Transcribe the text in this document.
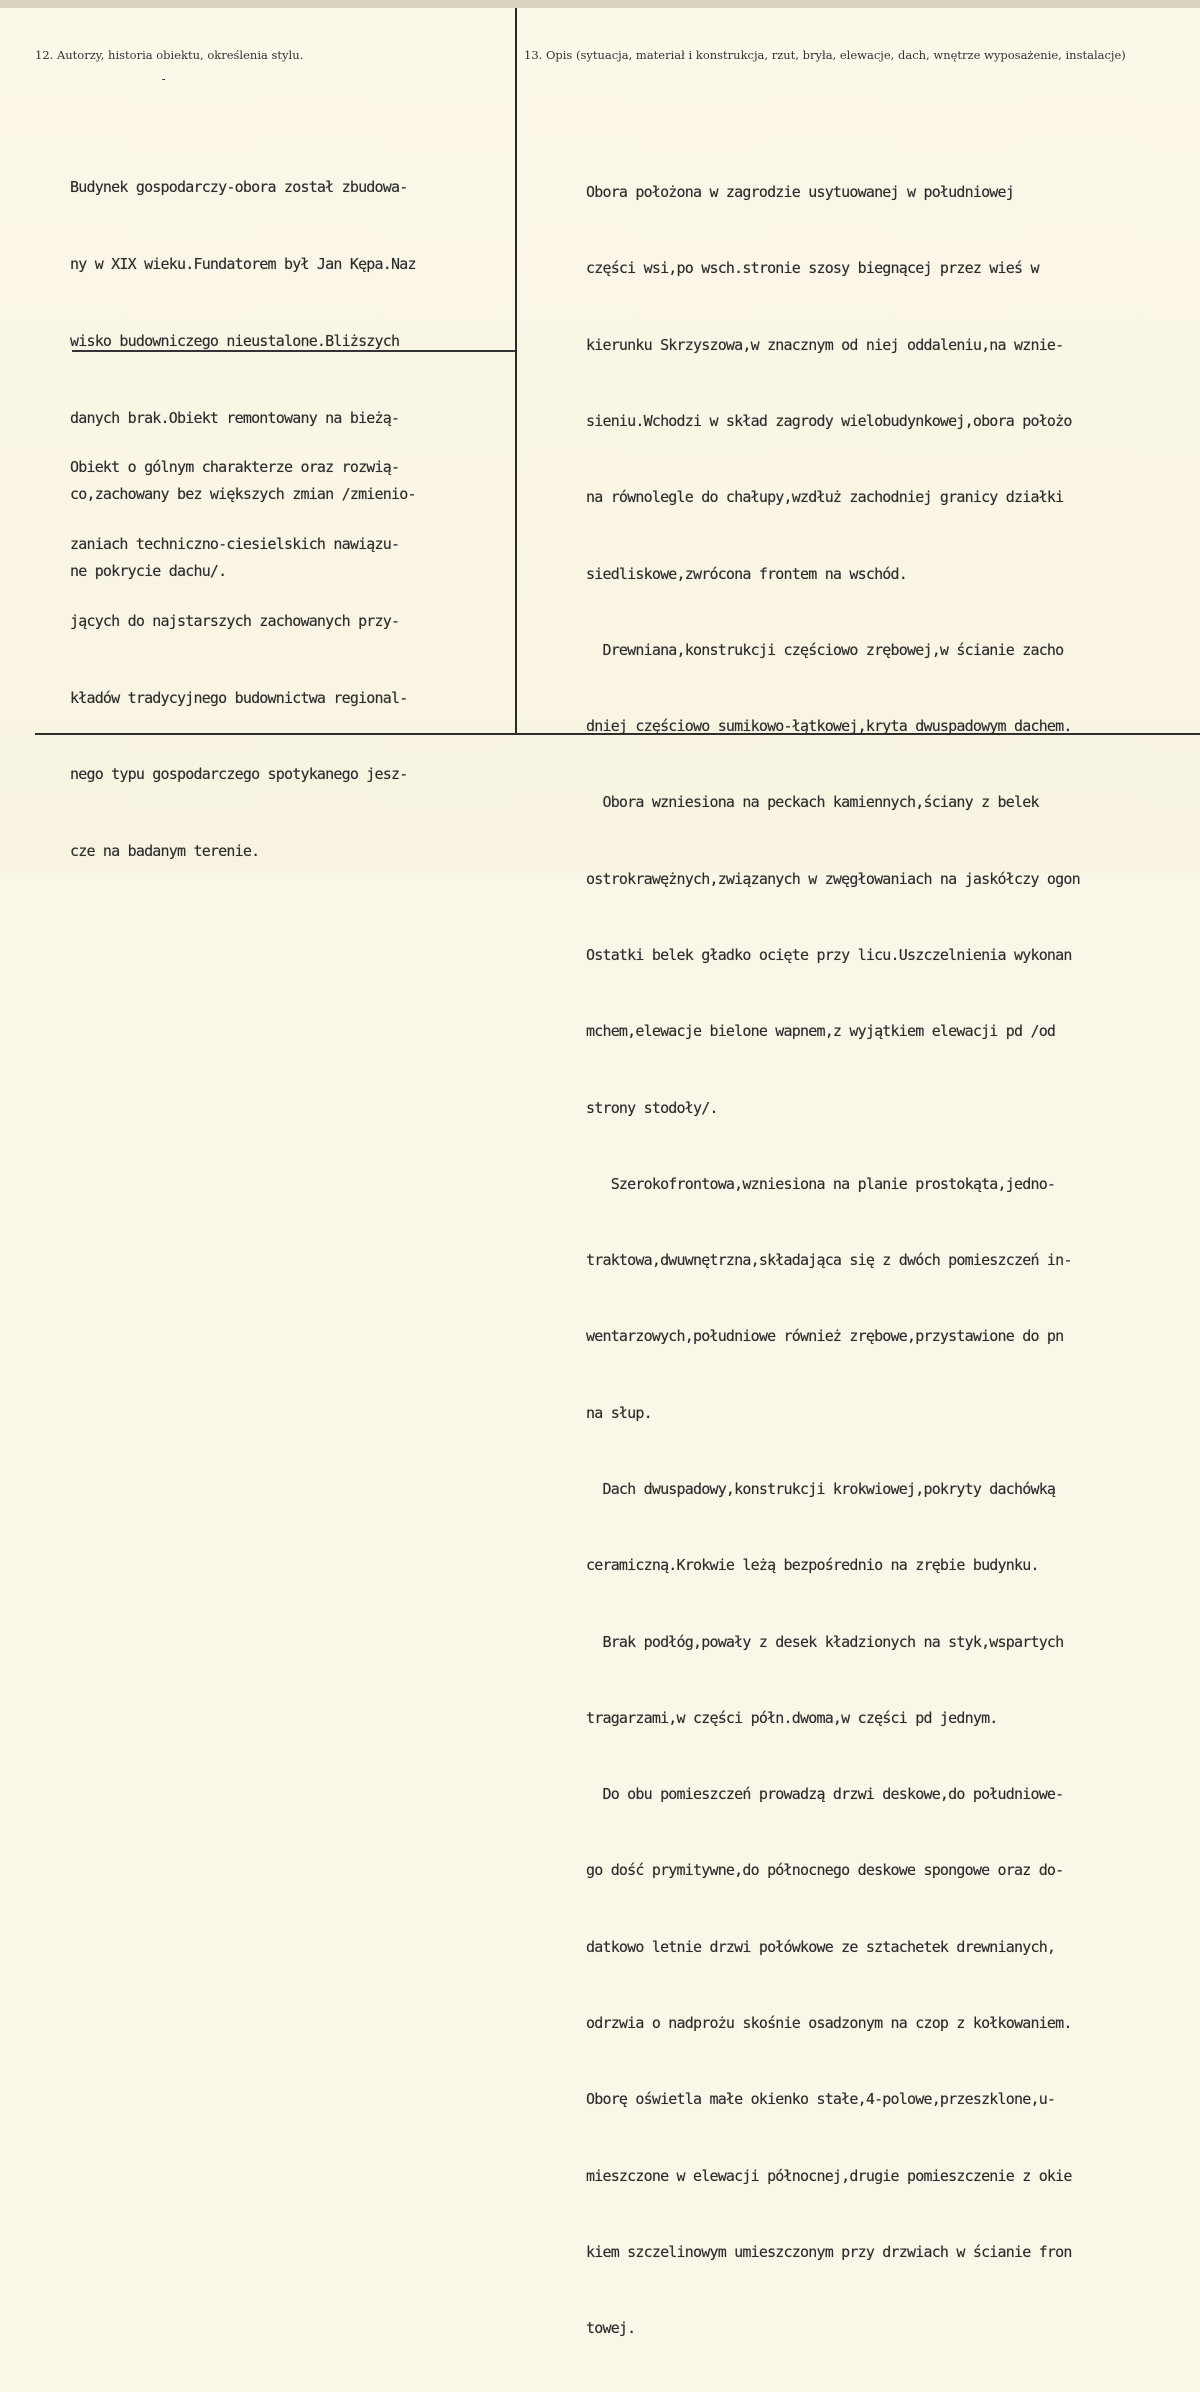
12. Autorzy, historia obiektu, określenia stylu.	13. Opis (sytuacja, materiał i konstrukcja, rzut, bryła, elewacje, dach, wnętrze wyposażenie, instalacje)
-

Budynek gospodarczy-obora został zbudowa-

ny w XIX wieku.Fundatorem był Jan Kępa.Naz

wisko budowniczego nieustalone.Bliższych

danych brak.Obiekt remontowany na bieżą-

co,zachowany bez większych zmian /zmienio-

ne pokrycie dachu/.

Obiekt o gólnym charakterze oraz rozwią-

zaniach techniczno-ciesielskich nawiązu-

jących do najstarszych zachowanych przy-

kładów tradycyjnego budownictwa regional-

nego typu gospodarczego spotykanego jesz-

cze na badanym terenie.

Obora położona w zagrodzie usytuowanej w południowej

części wsi,po wsch.stronie szosy biegnącej przez wieś w

kierunku Skrzyszowa,w znacznym od niej oddaleniu,na wznie-

sieniu.Wchodzi w skład zagrody wielobudynkowej,obora położo

na równolegle do chałupy,wzdłuż zachodniej granicy działki

siedliskowe,zwrócona frontem na wschód.

Drewniana,konstrukcji częściowo zrębowej,w ścianie zacho

dniej częściowo sumikowo-łątkowej,kryta dwuspadowym dachem.

Obora wzniesiona na peckach kamiennych,ściany z belek

ostrokrawężnych,związanych w zwęgłowaniach na jaskółczy ogon

Ostatki belek gładko ocięte przy licu.Uszczelnienia wykonan

mchem,elewacje bielone wapnem,z wyjątkiem elewacji pd /od

strony stodoły/.

Szerokofrontowa,wzniesiona na planie prostokąta,jedno-

traktowa,dwuwnętrzna,składająca się z dwóch pomieszczeń in-

wentarzowych,południowe również zrębowe,przystawione do pn

na słup.

Dach dwuspadowy,konstrukcji krokwiowej,pokryty dachówką

ceramiczną.Krokwie leżą bezpośrednio na zrębie budynku.

Brak podłóg,powały z desek kładzionych na styk,wspartych

tragarzami,w części półn.dwoma,w części pd jednym.

Do obu pomieszczeń prowadzą drzwi deskowe,do południowe-

go dość prymitywne,do północnego deskowe spongowe oraz do-

datkowo letnie drzwi połówkowe ze sztachetek drewnianych,

odrzwia o nadprożu skośnie osadzonym na czop z kołkowaniem.

Oborę oświetla małe okienko stałe,4-polowe,przeszklone,u-

mieszczone w elewacji północnej,drugie pomieszczenie z okie

kiem szczelinowym umieszczonym przy drzwiach w ścianie fron

towej.
